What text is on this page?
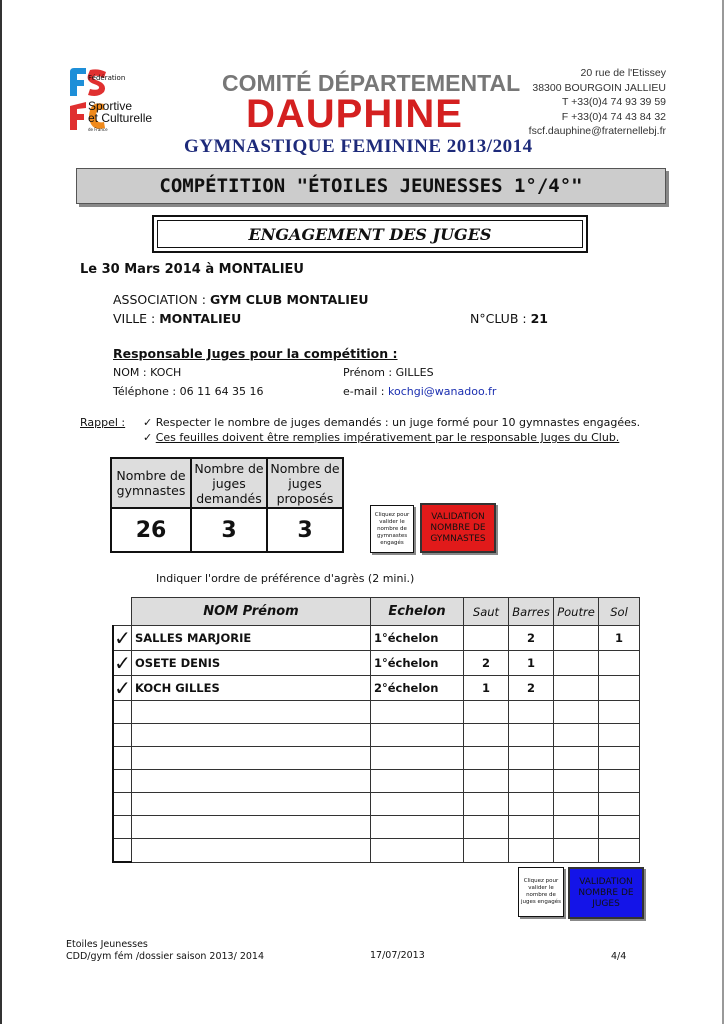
Fédération
Sportive
et Culturelle
de France
COMITÉ DÉPARTEMENTAL
DAUPHINE
GYMNASTIQUE FEMININE 2013/2014
20 rue de l'Etissey
38300 BOURGOIN JALLIEU
T +33(0)4 74 93 39 59
F +33(0)4 74 43 84 32
fscf.dauphine@fraternellebj.fr
COMPÉTITION "ÉTOILES JEUNESSES 1°/4°"
ENGAGEMENT DES JUGES
Le 30 Mars 2014 à MONTALIEU
ASSOCIATION : GYM CLUB MONTALIEU
VILLE : MONTALIEU	N°CLUB : 21
Responsable Juges pour la compétition :
NOM : KOCH	Prénom : GILLES
Téléphone : 06 11 64 35 16	e-mail : kochgi@wanadoo.fr
Rappel : ✓ Respecter le nombre de juges demandés : un juge formé pour 10 gymnastes engagées.
✓ Ces feuilles doivent être remplies impérativement par le responsable Juges du Club.
Nombre de gymnastes	Nombre de juges demandés	Nombre de juges proposés
26	3	3
Cliquez pour valider le nombre de gymnastes engagés
VALIDATION NOMBRE DE GYMNASTES
Indiquer l'ordre de préférence d'agrès (2 mini.)
	NOM Prénom	Echelon	Saut	Barres	Poutre	Sol
✓	SALLES MARJORIE	1°échelon		2		1
✓	OSETE DENIS	1°échelon	2	1		
✓	KOCH GILLES	2°échelon	1	2		

Cliquez pour valider le nombre de juges engagés
VALIDATION NOMBRE DE JUGES
Etoiles Jeunesses
CDD/gym fém /dossier saison 2013/ 2014	17/07/2013	4/4
